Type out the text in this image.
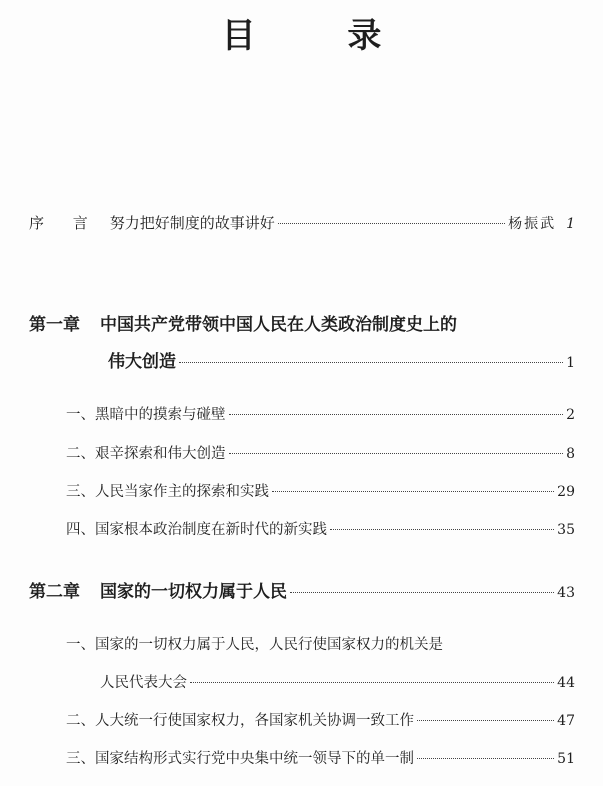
目 录
序 言 努力把好制度的故事讲好	杨振武 1
第一章 中国共产党带领中国人民在人类政治制度史上的
伟大创造	1
一、黑暗中的摸索与碰壁	2
二、艰辛探索和伟大创造	8
三、人民当家作主的探索和实践	29
四、国家根本政治制度在新时代的新实践	35
第二章 国家的一切权力属于人民	43
一、国家的一切权力属于人民，人民行使国家权力的机关是
人民代表大会	44
二、人大统一行使国家权力，各国家机关协调一致工作	47
三、国家结构形式实行党中央集中统一领导下的单一制	51
